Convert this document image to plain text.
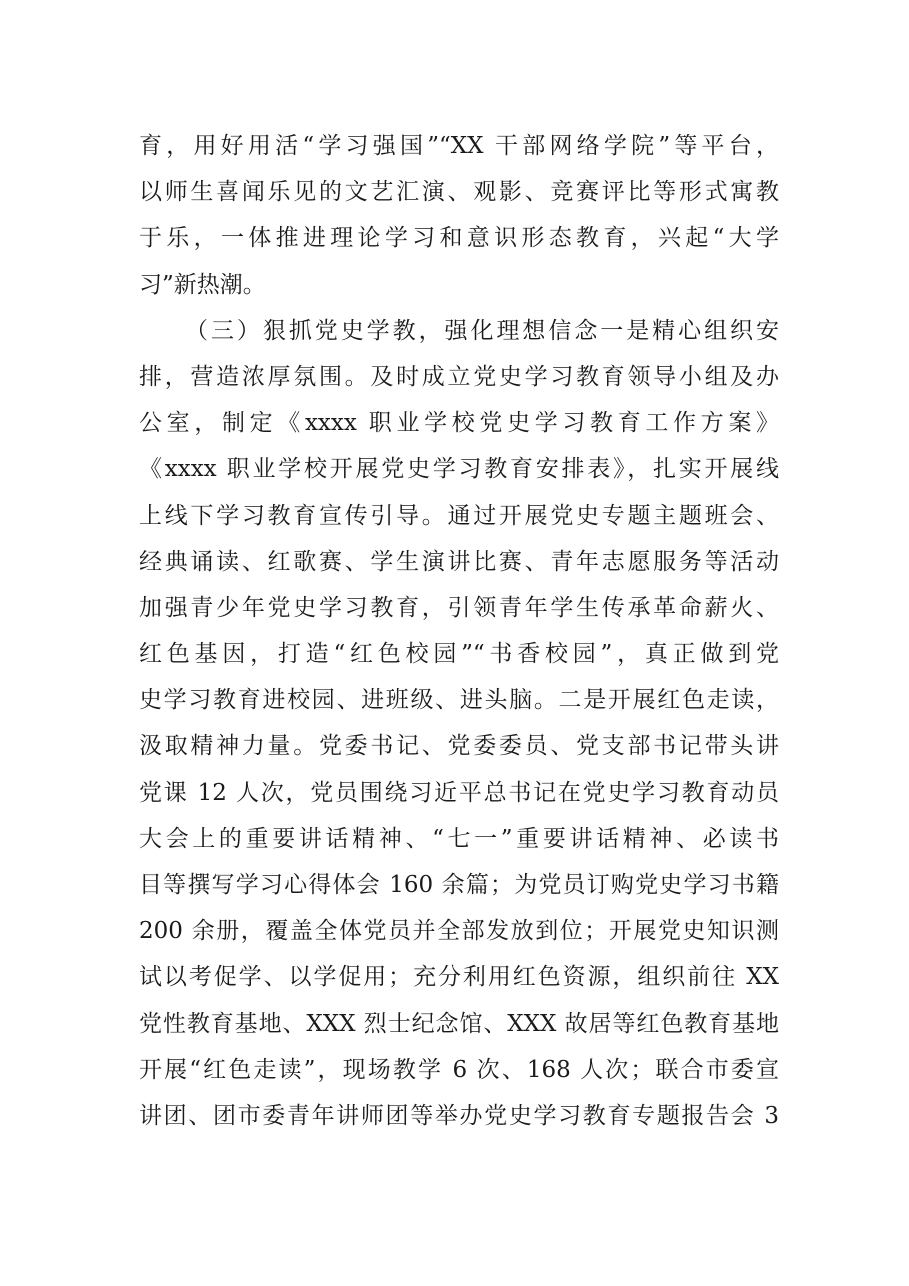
育，用好用活“学习强国”“XX 干部网络学院”等平台，
以师生喜闻乐见的文艺汇演、观影、竞赛评比等形式寓教
于乐，一体推进理论学习和意识形态教育，兴起“大学
习”新热潮。
（三）狠抓党史学教，强化理想信念一是精心组织安
排，营造浓厚氛围。及时成立党史学习教育领导小组及办
公室，制定《xxxx 职业学校党史学习教育工作方案》
《xxxx 职业学校开展党史学习教育安排表》，扎实开展线
上线下学习教育宣传引导。通过开展党史专题主题班会、
经典诵读、红歌赛、学生演讲比赛、青年志愿服务等活动
加强青少年党史学习教育，引领青年学生传承革命薪火、
红色基因，打造“红色校园”“书香校园”，真正做到党
史学习教育进校园、进班级、进头脑。二是开展红色走读，
汲取精神力量。党委书记、党委委员、党支部书记带头讲
党课 12 人次，党员围绕习近平总书记在党史学习教育动员
大会上的重要讲话精神、“七一”重要讲话精神、必读书
目等撰写学习心得体会 160 余篇；为党员订购党史学习书籍
200 余册，覆盖全体党员并全部发放到位；开展党史知识测
试以考促学、以学促用；充分利用红色资源，组织前往 XX
党性教育基地、XXX 烈士纪念馆、XXX 故居等红色教育基地
开展“红色走读”，现场教学 6 次、168 人次；联合市委宣
讲团、团市委青年讲师团等举办党史学习教育专题报告会 3
